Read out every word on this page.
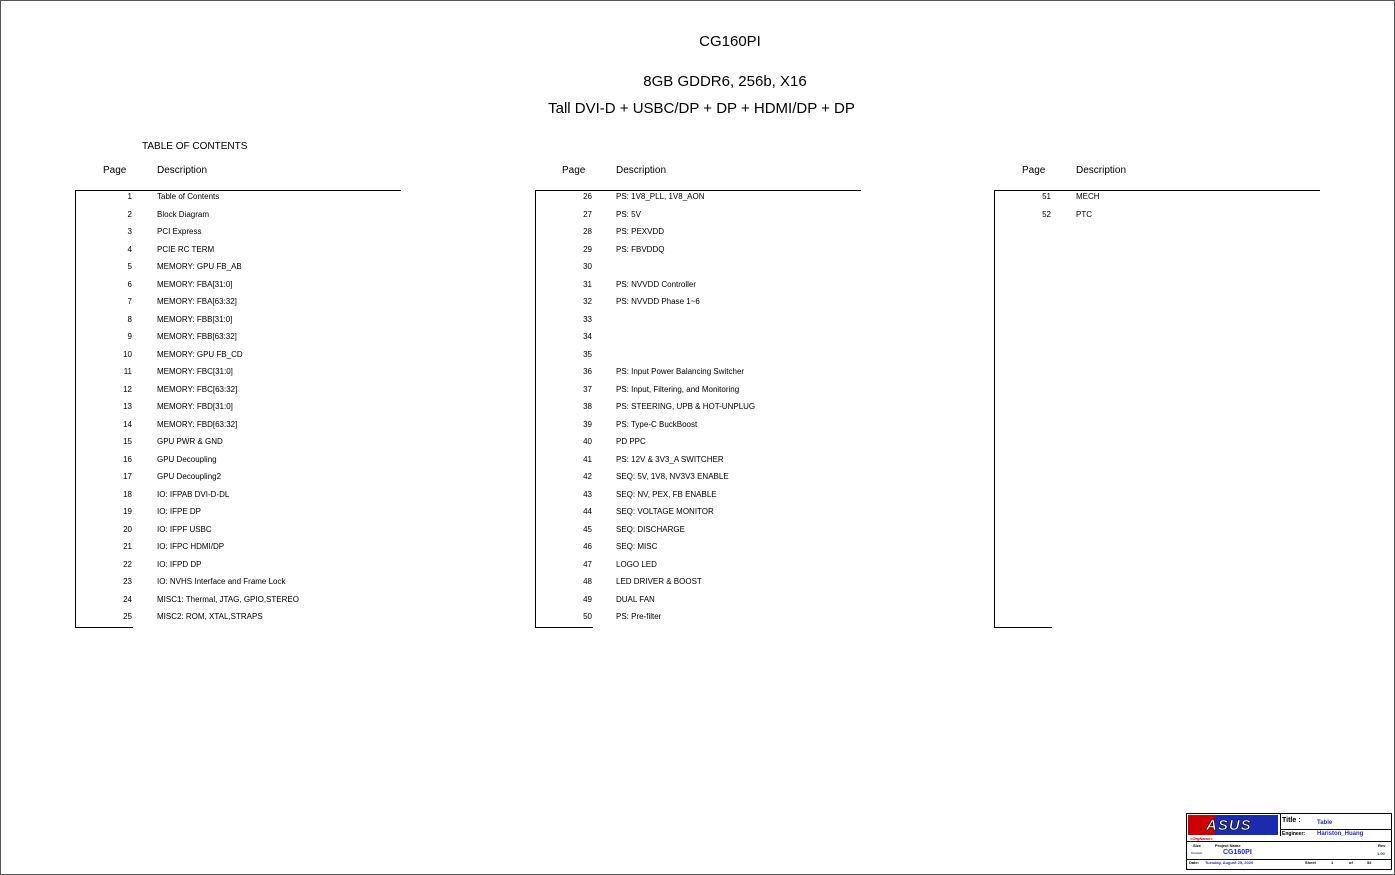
CG160PI
8GB GDDR6, 256b, X16
Tall DVI-D + USBC/DP + DP + HDMI/DP + DP
TABLE OF CONTENTS
Page	Description
1	Table of Contents
2	Block Diagram
3	PCI Express
4	PCIE RC TERM
5	MEMORY: GPU FB_AB
6	MEMORY: FBA[31:0]
7	MEMORY: FBA[63:32]
8	MEMORY: FBB[31:0]
9	MEMORY: FBB[63:32]
10	MEMORY: GPU FB_CD
11	MEMORY: FBC[31:0]
12	MEMORY: FBC[63:32]
13	MEMORY: FBD[31:0]
14	MEMORY: FBD[63:32]
15	GPU PWR & GND
16	GPU Decoupling
17	GPU Decoupling2
18	IO: IFPAB DVI-D-DL
19	IO: IFPE DP
20	IO: IFPF USBC
21	IO: IFPC HDMI/DP
22	IO: IFPD DP
23	IO: NVHS Interface and Frame Lock
24	MISC1: Thermal, JTAG, GPIO,STEREO
25	MISC2: ROM, XTAL,STRAPS
Page	Description
26	PS: 1V8_PLL, 1V8_AON
27	PS: 5V
28	PS: PEXVDD
29	PS: FBVDDQ
30
31	PS: NVVDD Controller
32	PS: NVVDD Phase 1~6
33
34
35
36	PS: Input Power Balancing Switcher
37	PS: Input, Filtering, and Monitoring
38	PS: STEERING, UPB & HOT-UNPLUG
39	PS: Type-C BuckBoost
40	PD PPC
41	PS: 12V & 3V3_A SWITCHER
42	SEQ: 5V, 1V8, NV3V3 ENABLE
43	SEQ: NV, PEX, FB ENABLE
44	SEQ: VOLTAGE MONITOR
45	SEQ: DISCHARGE
46	SEQ: MISC
47	LOGO LED
48	LED DRIVER & BOOST
49	DUAL FAN
50	PS: Pre-filter
Page	Description
51	MECH
52	PTC
ASUS	Title :	Table
Engineer: Hariston_Huang
<OrgName>
Size	Project Name	Rev
Custom	CG160PI	1.00
Date: Tuesday, August 25, 2020	Sheet	1	of	52
